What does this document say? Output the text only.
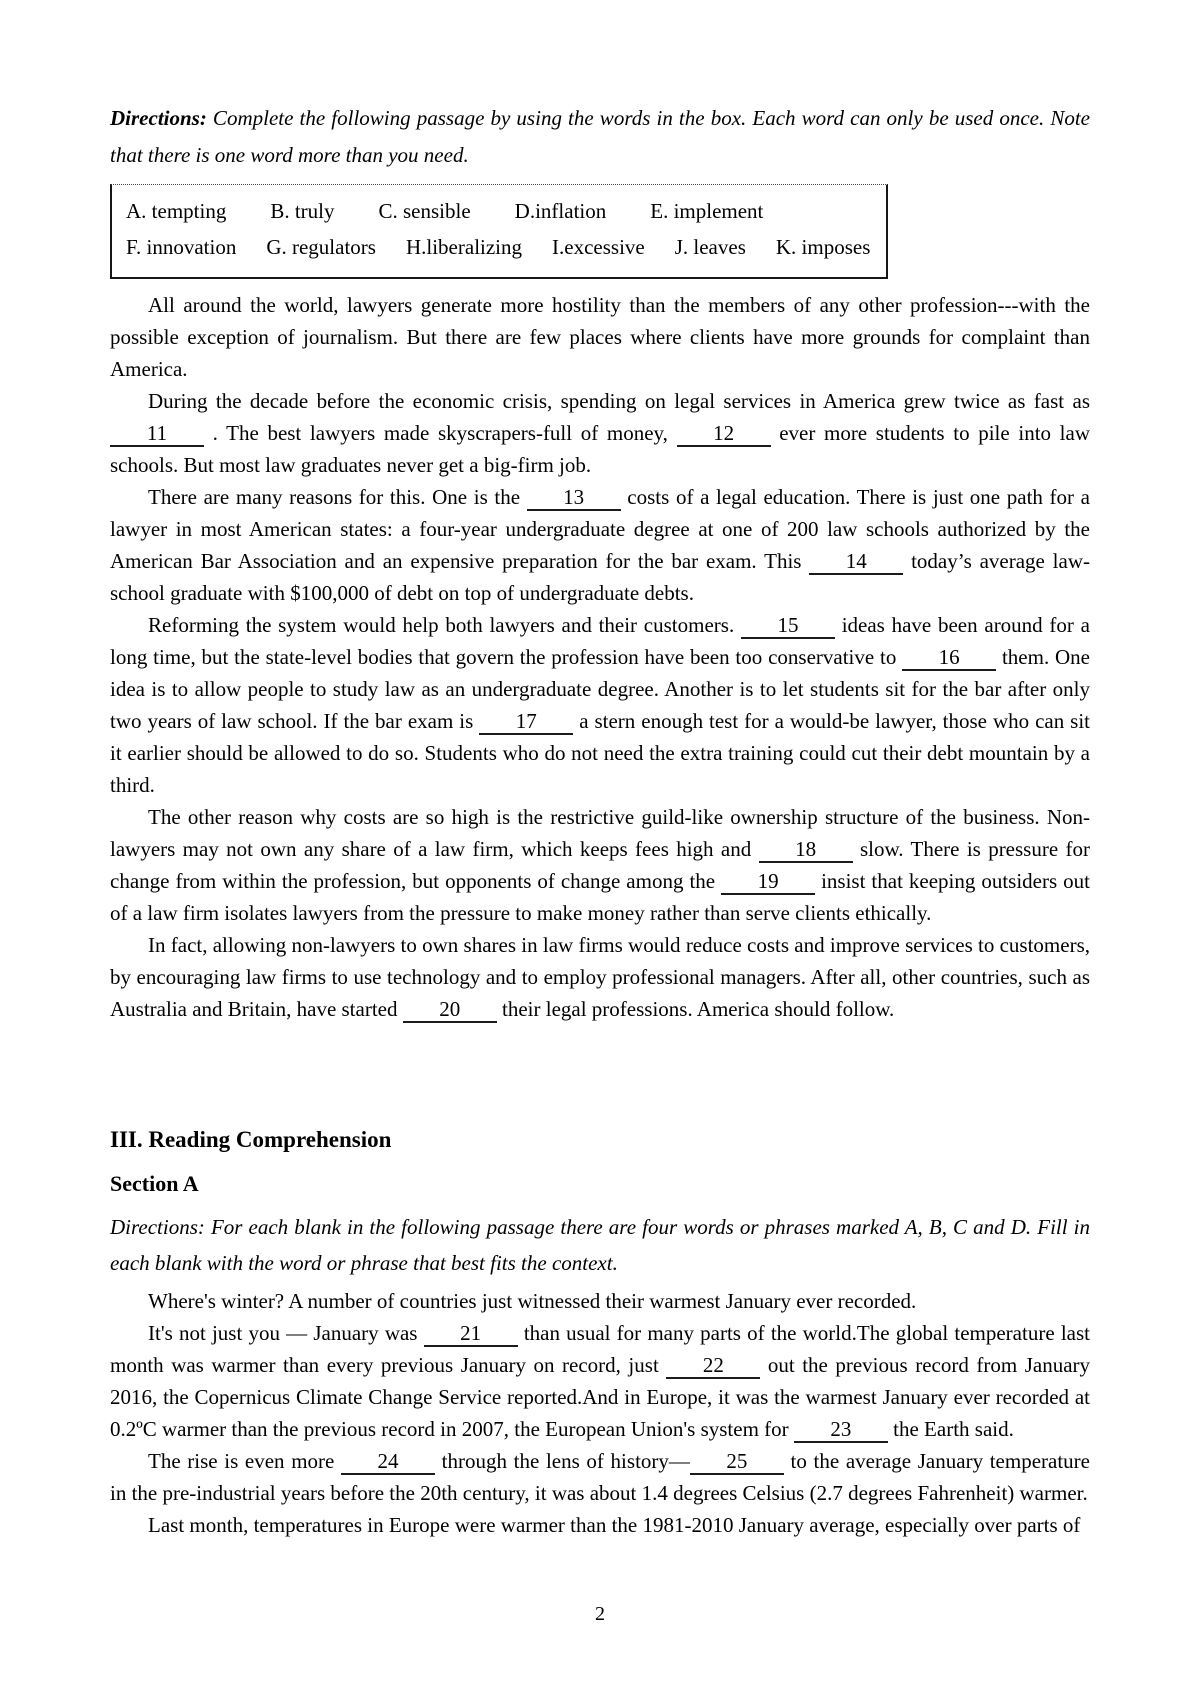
Directions: Complete the following passage by using the words in the box. Each word can only be used once. Note that there is one word more than you need.

A. tempting B. truly C. sensible D.inflation E. implement
F. innovation G. regulators H.liberalizing I.excessive J. leaves K. imposes

All around the world, lawyers generate more hostility than the members of any other profession---with the possible exception of journalism. But there are few places where clients have more grounds for complaint than America.

During the decade before the economic crisis, spending on legal services in America grew twice as fast as 11 . The best lawyers made skyscrapers-full of money, 12 ever more students to pile into law schools. But most law graduates never get a big-firm job.

There are many reasons for this. One is the 13 costs of a legal education. There is just one path for a lawyer in most American states: a four-year undergraduate degree at one of 200 law schools authorized by the American Bar Association and an expensive preparation for the bar exam. This 14 today’s average law-school graduate with $100,000 of debt on top of undergraduate debts.

Reforming the system would help both lawyers and their customers. 15 ideas have been around for a long time, but the state-level bodies that govern the profession have been too conservative to 16 them. One idea is to allow people to study law as an undergraduate degree. Another is to let students sit for the bar after only two years of law school. If the bar exam is 17 a stern enough test for a would-be lawyer, those who can sit it earlier should be allowed to do so. Students who do not need the extra training could cut their debt mountain by a third.

The other reason why costs are so high is the restrictive guild-like ownership structure of the business. Non-lawyers may not own any share of a law firm, which keeps fees high and 18 slow. There is pressure for change from within the profession, but opponents of change among the 19 insist that keeping outsiders out of a law firm isolates lawyers from the pressure to make money rather than serve clients ethically.

In fact, allowing non-lawyers to own shares in law firms would reduce costs and improve services to customers, by encouraging law firms to use technology and to employ professional managers. After all, other countries, such as Australia and Britain, have started 20 their legal professions. America should follow.

III. Reading Comprehension
Section A

Directions: For each blank in the following passage there are four words or phrases marked A, B, C and D. Fill in each blank with the word or phrase that best fits the context.

Where's winter? A number of countries just witnessed their warmest January ever recorded.

It's not just you — January was 21 than usual for many parts of the world.The global temperature last month was warmer than every previous January on record, just 22 out the previous record from January 2016, the Copernicus Climate Change Service reported.And in Europe, it was the warmest January ever recorded at 0.2ºC warmer than the previous record in 2007, the European Union's system for 23 the Earth said.

The rise is even more 24 through the lens of history— 25 to the average January temperature in the pre-industrial years before the 20th century, it was about 1.4 degrees Celsius (2.7 degrees Fahrenheit) warmer.

Last month, temperatures in Europe were warmer than the 1981-2010 January average, especially over parts of

2
